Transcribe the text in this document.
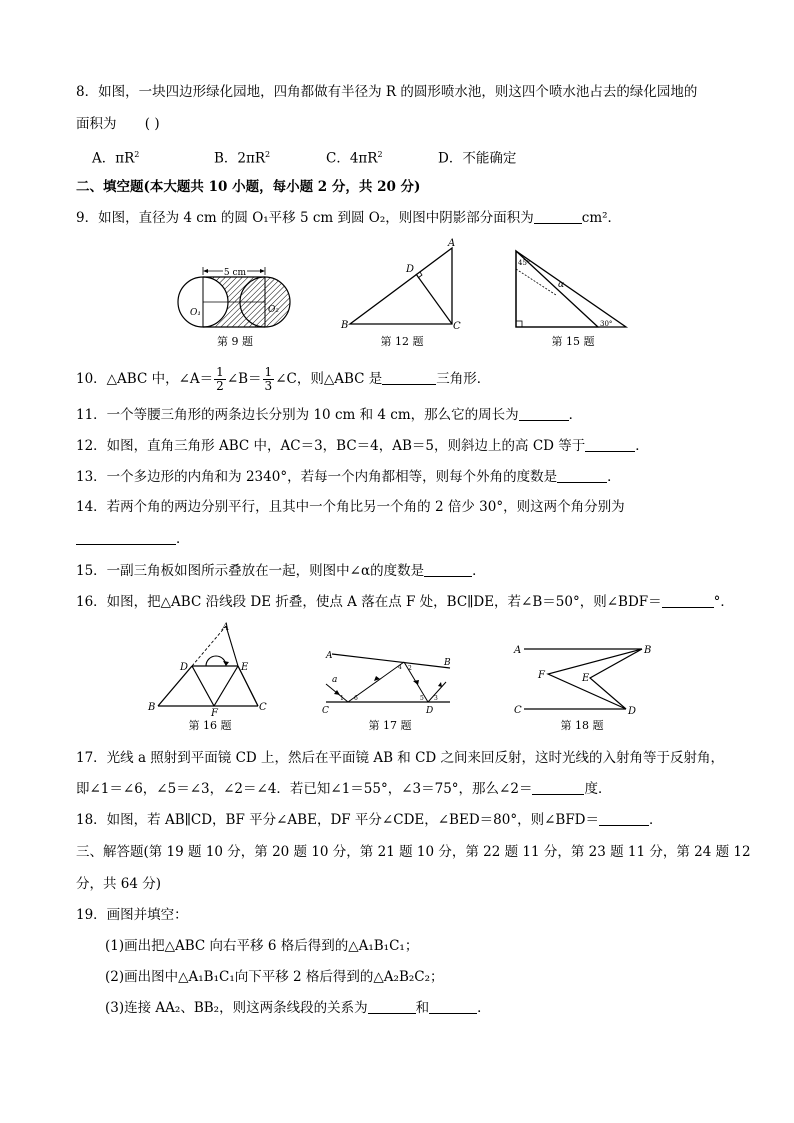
8．如图，一块四边形绿化园地，四角都做有半径为 R 的圆形喷水池，则这四个喷水池占去的绿化园地的
面积为 ( )
A．$\pi R^2$	B．$2\pi R^2$	C．$4\pi R^2$	D．不能确定
二、填空题(本大题共 10 小题，每小题 2 分，共 20 分)
9．如图，直径为 4 cm 的圆 O₁平移 5 cm 到圆 O₂，则图中阴影部分面积为	cm²．
5 cm
O₁	O₂
第 9 题
A
B	C
D
第 12 题
45°
30°
α
第 15 题
10．△ABC 中，∠A＝ $\frac{1}{2}$ ∠B＝ $\frac{1}{3}$ ∠C，则△ABC 是	三角形．
11．一个等腰三角形的两条边长分别为 10 cm 和 4 cm，那么它的周长为	．
12．如图，直角三角形 ABC 中，AC＝3，BC＝4，AB＝5，则斜边上的高 CD 等于	．
13．一个多边形的内角和为 2340°，若每一个内角都相等，则每个外角的度数是	．
14．若两个角的两边分别平行，且其中一个角比另一个角的 2 倍少 30°，则这两个角分别为
．
15．一副三角板如图所示叠放在一起，则图中∠α的度数是	．
16．如图，把△ABC 沿线段 DE 折叠，使点 A 落在点 F 处，BC∥DE，若∠B＝50°，则∠BDF＝	°．
A
B	C
D	E
F
第 16 题
A
B
C	D
a
1 6
4 2
5 3
第 17 题
A	B
C	D
E
F
第 18 题
17．光线 a 照射到平面镜 CD 上，然后在平面镜 AB 和 CD 之间来回反射，这时光线的入射角等于反射角，
即∠1＝∠6，∠5＝∠3，∠2＝∠4．若已知∠1＝55°，∠3＝75°，那么∠2＝	度．
18．如图，若 AB∥CD，BF 平分∠ABE，DF 平分∠CDE，∠BED＝80°，则∠BFD＝	．
三、解答题(第 19 题 10 分，第 20 题 10 分，第 21 题 10 分，第 22 题 11 分，第 23 题 11 分，第 24 题 12
分，共 64 分)
19．画图并填空：
(1)画出把△ABC 向右平移 6 格后得到的△A₁B₁C₁；
(2)画出图中△A₁B₁C₁向下平移 2 格后得到的△A₂B₂C₂；
(3)连接 AA₂、BB₂，则这两条线段的关系为	和	．
